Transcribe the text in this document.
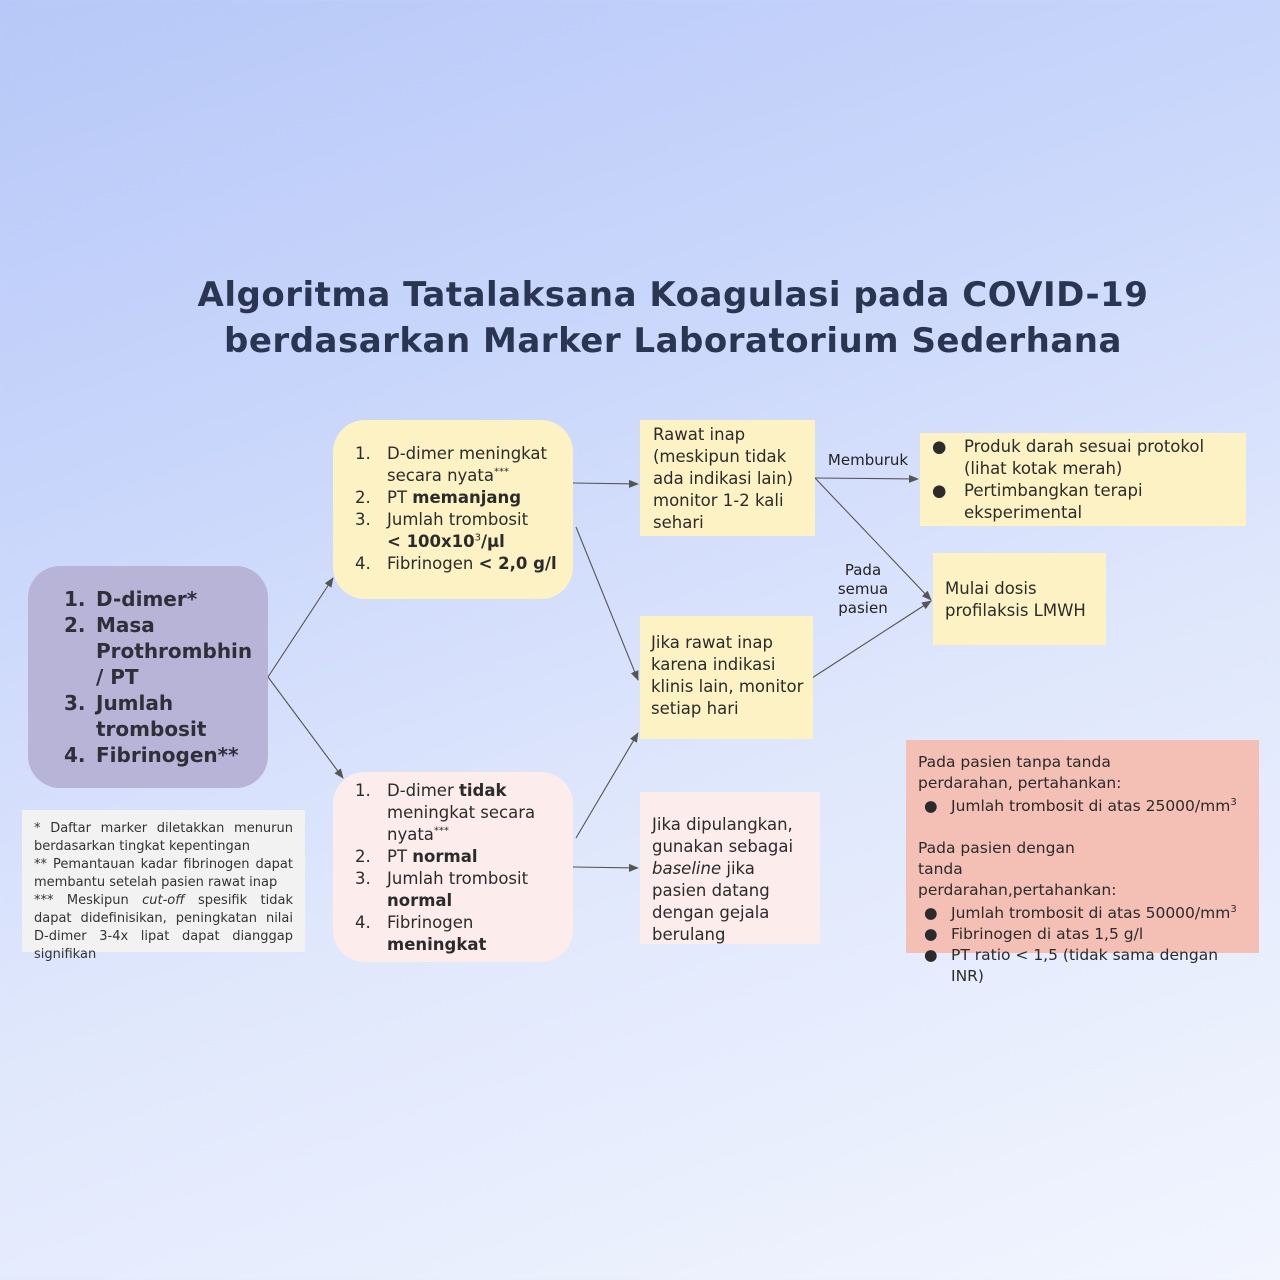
Algoritma Tatalaksana Koagulasi pada COVID-19
berdasarkan Marker Laboratorium Sederhana
Memburuk
Pada semua pasien
1. D-dimer*
2. Masa Prothrombhin / PT
3. Jumlah trombosit
4. Fibrinogen**
1. D-dimer meningkat secara nyata***
2. PT memanjang
3. Jumlah trombosit
< $100x10^3/\mu l$
4. Fibrinogen < 2,0 g/l
1. D-dimer tidak meningkat secara nyata***
2. PT normal
3. Jumlah trombosit
normal
4. Fibrinogen
meningkat
Rawat inap (meskipun tidak ada indikasi lain) monitor 1-2 kali sehari
Jika rawat inap karena indikasi klinis lain, monitor setiap hari
Jika dipulangkan, gunakan sebagai baseline jika pasien datang dengan gejala berulang
●	Produk darah sesuai protokol (lihat kotak merah)
●	Pertimbangkan terapi eksperimental
Mulai dosis profilaksis LMWH
* Daftar marker diletakkan menurun berdasarkan tingkat kepentingan
** Pemantauan kadar fibrinogen dapat membantu setelah pasien rawat inap
*** Meskipun cut-off spesifik tidak dapat didefinisikan, peningkatan nilai D-dimer 3-4x lipat dapat dianggap signifikan
Pada pasien tanpa tanda perdarahan, pertahankan:
● Jumlah trombosit di atas $25000/mm^3$
Pada pasien dengan tanda perdarahan,pertahankan:
● Jumlah trombosit di atas $50000/mm^3$
● Fibrinogen di atas 1,5 g/l
● PT ratio < 1,5 (tidak sama dengan INR)
